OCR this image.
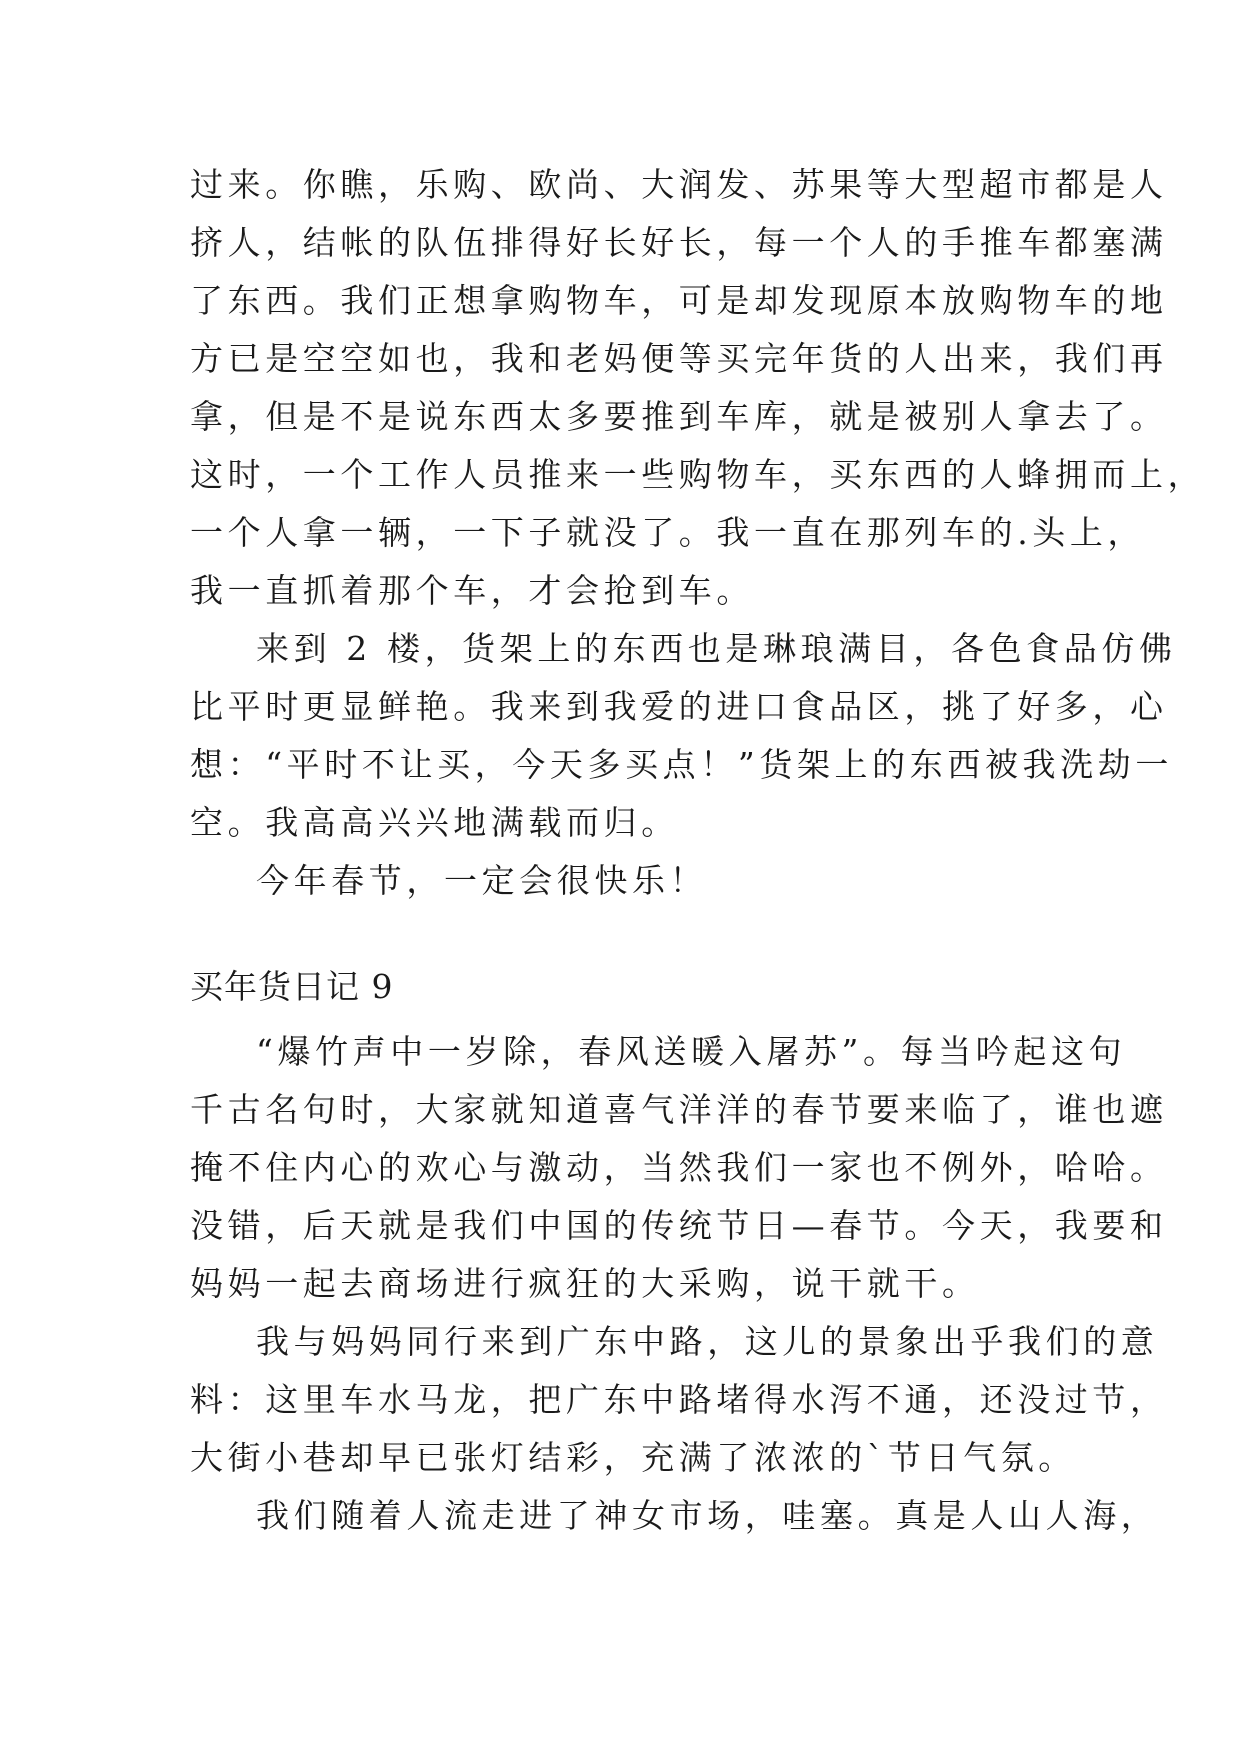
过来。你瞧，乐购、欧尚、大润发、苏果等大型超市都是人
挤人，结帐的队伍排得好长好长，每一个人的手推车都塞满
了东西。我们正想拿购物车，可是却发现原本放购物车的地
方已是空空如也，我和老妈便等买完年货的人出来，我们再
拿，但是不是说东西太多要推到车库，就是被别人拿去了。
这时，一个工作人员推来一些购物车，买东西的人蜂拥而上，
一个人拿一辆，一下子就没了。我一直在那列车的.头上，
我一直抓着那个车，才会抢到车。
来到 2 楼，货架上的东西也是琳琅满目，各色食品仿佛
比平时更显鲜艳。我来到我爱的进口食品区，挑了好多，心
想：“平时不让买，今天多买点！”货架上的东西被我洗劫一
空。我高高兴兴地满载而归。
今年春节，一定会很快乐！
买年货日记 9
“爆竹声中一岁除，春风送暖入屠苏”。每当吟起这句
千古名句时，大家就知道喜气洋洋的春节要来临了，谁也遮
掩不住内心的欢心与激动，当然我们一家也不例外，哈哈。
没错，后天就是我们中国的传统节日—春节。今天，我要和
妈妈一起去商场进行疯狂的大采购，说干就干。
我与妈妈同行来到广东中路，这儿的景象出乎我们的意
料：这里车水马龙，把广东中路堵得水泻不通，还没过节，
大街小巷却早已张灯结彩，充满了浓浓的`节日气氛。
我们随着人流走进了神女市场，哇塞。真是人山人海，
